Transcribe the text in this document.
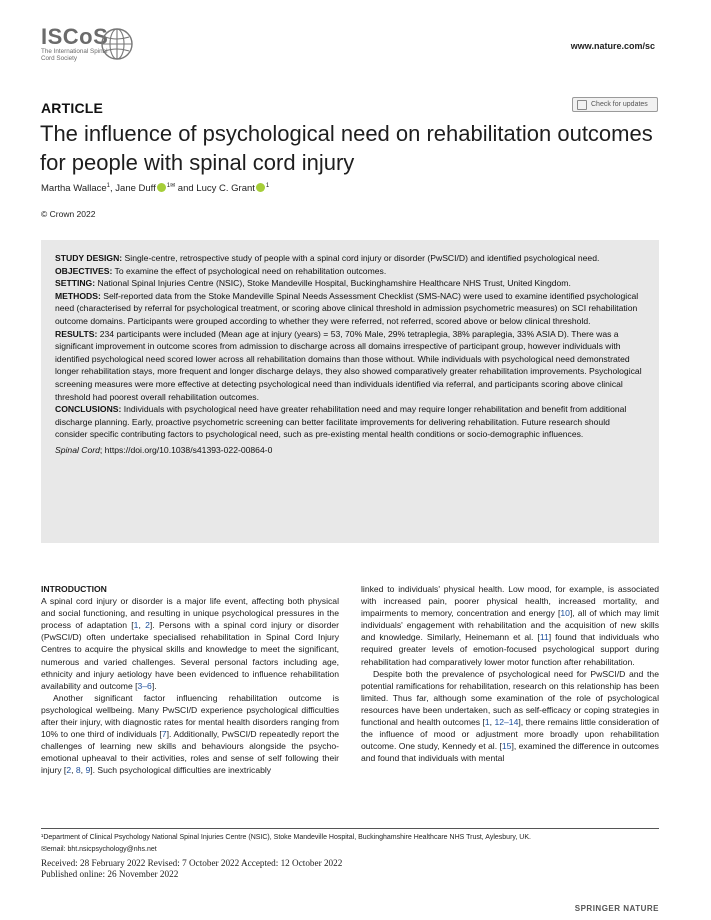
ISCoS
The International Spinal Cord Society
www.nature.com/sc
Check for updates
ARTICLE
The influence of psychological need on rehabilitation outcomes for people with spinal cord injury
Martha Wallace$^1$, Jane Duff $^{1✉}$ and Lucy C. Grant $^1$
© Crown 2022

STUDY DESIGN: Single-centre, retrospective study of people with a spinal cord injury or disorder (PwSCI/D) and identified psychological need.

OBJECTIVES: To examine the effect of psychological need on rehabilitation outcomes.

SETTING: National Spinal Injuries Centre (NSIC), Stoke Mandeville Hospital, Buckinghamshire Healthcare NHS Trust, United Kingdom.

METHODS: Self-reported data from the Stoke Mandeville Spinal Needs Assessment Checklist (SMS-NAC) were used to examine identified psychological need (characterised by referral for psychological treatment, or scoring above clinical threshold in admission psychometric measures) on SCI rehabilitation outcome domains. Participants were grouped according to whether they were referred, not referred, scored above or below clinical threshold.

RESULTS: 234 participants were included (Mean age at injury (years) = 53, 70% Male, 29% tetraplegia, 38% paraplegia, 33% ASIA D). There was a significant improvement in outcome scores from admission to discharge across all domains irrespective of participant group, however individuals with identified psychological need scored lower across all rehabilitation domains than those without. While individuals with psychological need demonstrated longer rehabilitation stays, more frequent and longer discharge delays, they also showed comparatively greater rehabilitation improvements. Psychological screening measures were more effective at detecting psychological need than individuals identified via referral, and participants scoring above clinical threshold had poorest overall rehabilitation outcomes.

CONCLUSIONS: Individuals with psychological need have greater rehabilitation need and may require longer rehabilitation and benefit from additional discharge planning. Early, proactive psychometric screening can better facilitate improvements for delivering rehabilitation. Future research should consider specific contributing factors to psychological need, such as pre-existing mental health conditions or socio-demographic influences.

Spinal Cord; https://doi.org/10.1038/s41393-022-00864-0

INTRODUCTION

A spinal cord injury or disorder is a major life event, affecting both physical and social functioning, and resulting in unique psychological pressures in the process of adaptation [1, 2]. Persons with a spinal cord injury or disorder (PwSCI/D) often undertake specialised rehabilitation in Spinal Cord Injury Centres to acquire the physical skills and knowledge to meet the significant, numerous and varied challenges. Several personal factors including age, ethnicity and injury aetiology have been evidenced to influence rehabilitation availability and outcome [3–6].

Another significant factor influencing rehabilitation outcome is psychological wellbeing. Many PwSCI/D experience psychological difficulties after their injury, with diagnostic rates for mental health disorders ranging from 10% to one third of individuals [7]. Additionally, PwSCI/D repeatedly report the challenges of learning new skills and behaviours alongside the psycho-emotional upheaval to their activities, roles and sense of self following their injury [2, 8, 9]. Such psychological difficulties are inextricably

linked to individuals' physical health. Low mood, for example, is associated with increased pain, poorer physical health, increased mortality, and impairments to memory, concentration and energy [10], all of which may limit individuals' engagement with rehabilitation and the acquisition of new skills and knowledge. Similarly, Heinemann et al. [11] found that individuals who required greater levels of emotion-focused psychological support during rehabilitation had comparatively lower motor function after rehabilitation.

Despite both the prevalence of psychological need for PwSCI/D and the potential ramifications for rehabilitation, research on this relationship has been limited. Thus far, although some examination of the role of psychological resources have been undertaken, such as self-efficacy or coping strategies in functional and health outcomes [1, 12–14], there remains little consideration of the influence of mood or adjustment more broadly upon rehabilitation outcome. One study, Kennedy et al. [15], examined the difference in outcomes and found that individuals with mental

¹Department of Clinical Psychology National Spinal Injuries Centre (NSIC), Stoke Mandeville Hospital, Buckinghamshire Healthcare NHS Trust, Aylesbury, UK.
✉email: bht.nsicpsychology@nhs.net
Received: 28 February 2022 Revised: 7 October 2022 Accepted: 12 October 2022
Published online: 26 November 2022
SPRINGER NATURE
